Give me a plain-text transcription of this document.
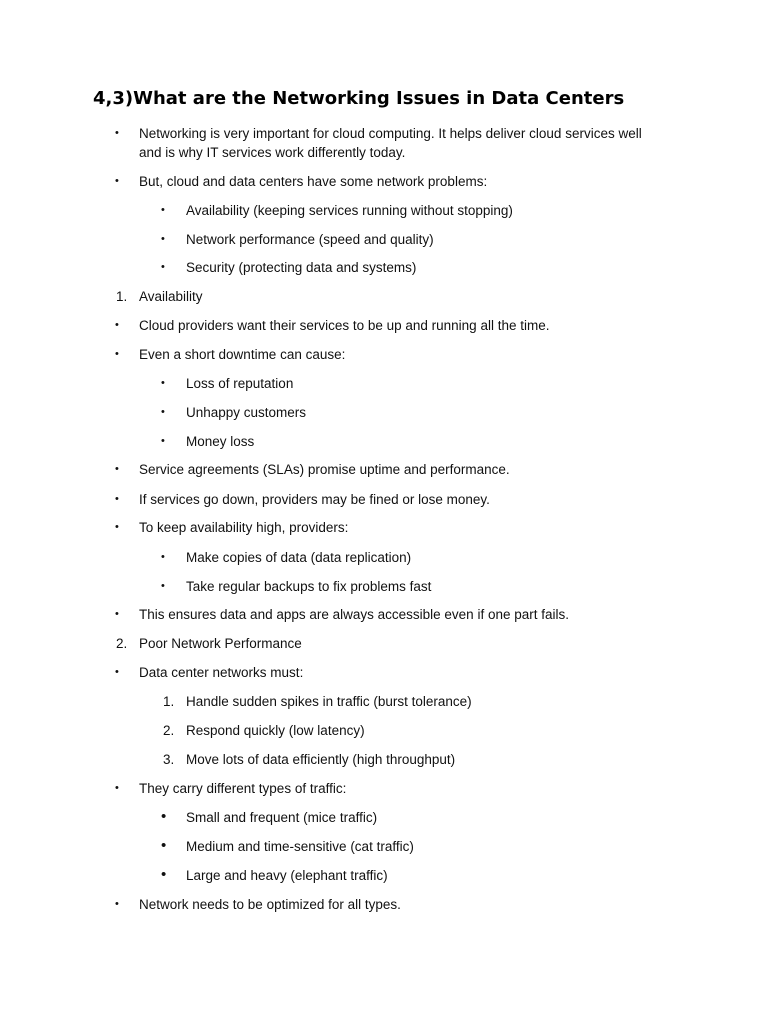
4,3)What are the Networking Issues in Data Centers
• Networking is very important for cloud computing. It helps deliver cloud services well
and is why IT services work differently today.
• But, cloud and data centers have some network problems:
• Availability (keeping services running without stopping)
• Network performance (speed and quality)
• Security (protecting data and systems)
1. Availability
• Cloud providers want their services to be up and running all the time.
• Even a short downtime can cause:
• Loss of reputation
• Unhappy customers
• Money loss
• Service agreements (SLAs) promise uptime and performance.
• If services go down, providers may be fined or lose money.
• To keep availability high, providers:
• Make copies of data (data replication)
• Take regular backups to fix problems fast
• This ensures data and apps are always accessible even if one part fails.
2. Poor Network Performance
• Data center networks must:
1. Handle sudden spikes in traffic (burst tolerance)
2. Respond quickly (low latency)
3. Move lots of data efficiently (high throughput)
• They carry different types of traffic:
• Small and frequent (mice traffic)
• Medium and time-sensitive (cat traffic)
• Large and heavy (elephant traffic)
• Network needs to be optimized for all types.
